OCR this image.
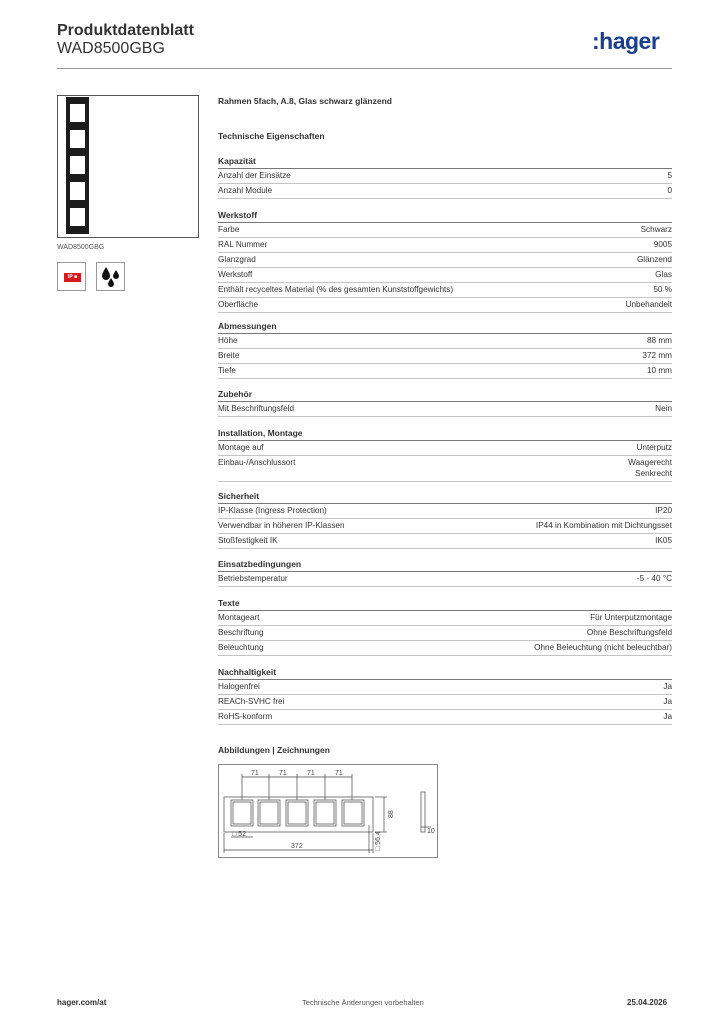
Produktdatenblatt
WAD8500GBG	:hager
WAD8500GBG
IP ■
Rahmen 5fach, A.8, Glas schwarz glänzend
Technische Eigenschaften
Kapazität
Anzahl der Einsätze	5
Anzahl Module	0
Werkstoff
Farbe	Schwarz
RAL Nummer	9005
Glanzgrad	Glänzend
Werkstoff	Glas
Enthält recyceltes Material (% des gesamten Kunststoffgewichts)	50 %
Oberfläche	Unbehandelt
Abmessungen
Höhe	88 mm
Breite	372 mm
Tiefe	10 mm
Zubehör
Mit Beschriftungsfeld	Nein
Installation, Montage
Montage auf	Unterputz
Einbau-/Anschlussort	Waagerecht
Senkrecht
Sicherheit
IP-Klasse (Ingress Protection)	IP20
Verwendbar in höheren IP-Klassen	IP44 in Kombination mit Dichtungsset
Stoßfestigkeit IK	IK05
Einsatzbedingungen
Betriebstemperatur	-5 - 40 °C
Texte
Montageart	Für Unterputzmontage
Beschriftung	Ohne Beschriftungsfeld
Beleuchtung	Ohne Beleuchtung (nicht beleuchtbar)
Nachhaltigkeit
Halogenfrei	Ja
REACh-SVHC frei	Ja
RoHS-konform	Ja
Abbildungen | Zeichnungen
71	71	71	71
88
□ 52	□ 56,4
372
10
hager.com/at	Technische Änderungen vorbehalten	25.04.2026
